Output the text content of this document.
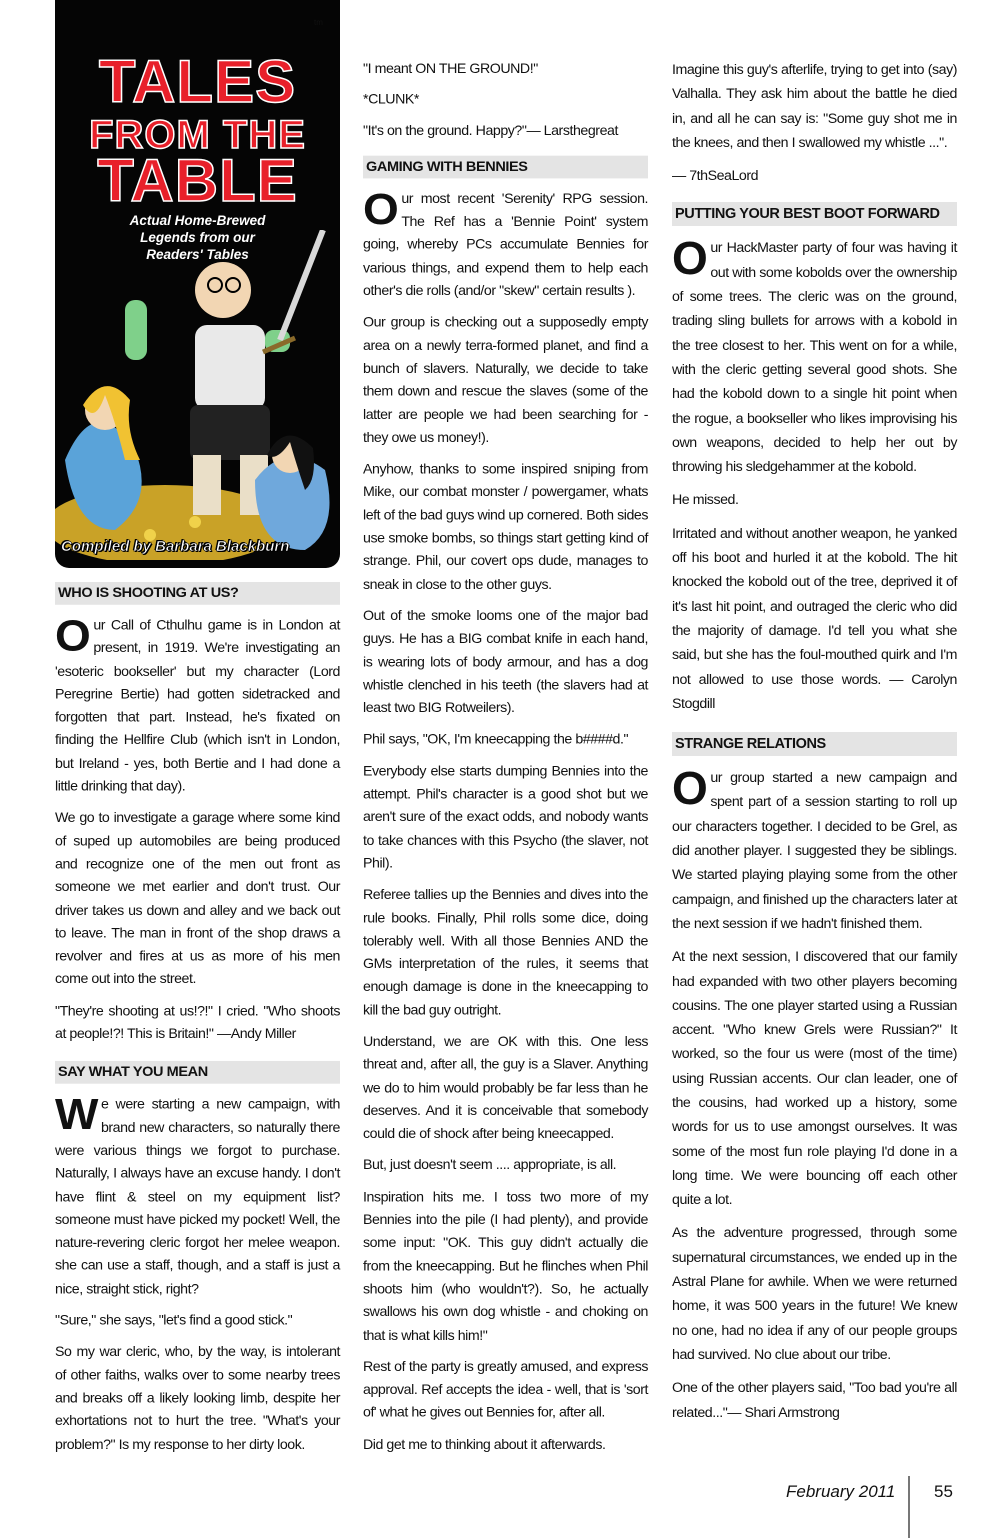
TALES
FROM THE
TABLE
Actual Home-Brewed
Legends from our
Readers' Tables
Compiled by Barbara Blackburn
tm
WHO IS SHOOTING AT US?

Our Call of Cthulhu game is in London at present, in 1919. We're investigating an 'esoteric bookseller' but my character (Lord Peregrine Bertie) had gotten sidetracked and forgotten that part. Instead, he's fixated on finding the Hellfire Club (which isn't in London, but Ireland - yes, both Bertie and I had done a little drinking that day).

We go to investigate a garage where some kind of suped up automobiles are being produced and recognize one of the men out front as someone we met earlier and don't trust. Our driver takes us down and alley and we back out to leave. The man in front of the shop draws a revolver and fires at us as more of his men come out into the street.

"They're shooting at us!?!" I cried. "Who shoots at people!?! This is Britain!" —Andy Miller

SAY WHAT YOU MEAN

We were starting a new campaign, with brand new characters, so naturally there were various things we forgot to purchase. Naturally, I always have an excuse handy. I don't have flint & steel on my equipment list? someone must have picked my pocket! Well, the nature-revering cleric forgot her melee weapon. she can use a staff, though, and a staff is just a nice, straight stick, right?

"Sure," she says, "let's find a good stick."

So my war cleric, who, by the way, is intolerant of other faiths, walks over to some nearby trees and breaks off a likely looking limb, despite her exhortations not to hurt the tree. "What's your problem?" Is my response to her dirty look.

"I meant ON THE GROUND!"

*CLUNK*

"It's on the ground. Happy?"— Larsthegreat

GAMING WITH BENNIES

Our most recent 'Serenity' RPG session. The Ref has a 'Bennie Point' system going, whereby PCs accumulate Bennies for various things, and expend them to help each other's die rolls (and/or "skew" certain results ).

Our group is checking out a supposedly empty area on a newly terra-formed planet, and find a bunch of slavers. Naturally, we decide to take them down and rescue the slaves (some of the latter are people we had been searching for - they owe us money!).

Anyhow, thanks to some inspired sniping from Mike, our combat monster / powergamer, whats left of the bad guys wind up cornered. Both sides use smoke bombs, so things start getting kind of strange. Phil, our covert ops dude, manages to sneak in close to the other guys.

Out of the smoke looms one of the major bad guys. He has a BIG combat knife in each hand, is wearing lots of body armour, and has a dog whistle clenched in his teeth (the slavers had at least two BIG Rotweilers).

Phil says, "OK, I'm kneecapping the b####d."

Everybody else starts dumping Bennies into the attempt. Phil's character is a good shot but we aren't sure of the exact odds, and nobody wants to take chances with this Psycho (the slaver, not Phil).

Referee tallies up the Bennies and dives into the rule books. Finally, Phil rolls some dice, doing tolerably well. With all those Bennies AND the GMs interpretation of the rules, it seems that enough damage is done in the kneecapping to kill the bad guy outright.

Understand, we are OK with this. One less threat and, after all, the guy is a Slaver. Anything we do to him would probably be far less than he deserves. And it is conceivable that somebody could die of shock after being kneecapped.

But, just doesn't seem .... appropriate, is all.

Inspiration hits me. I toss two more of my Bennies into the pile (I had plenty), and provide some input: "OK. This guy didn't actually die from the kneecapping. But he flinches when Phil shoots him (who wouldn't?). So, he actually swallows his own dog whistle - and choking on that is what kills him!"

Rest of the party is greatly amused, and express approval. Ref accepts the idea - well, that is 'sort of' what he gives out Bennies for, after all.

Did get me to thinking about it afterwards.

Imagine this guy's afterlife, trying to get into (say) Valhalla. They ask him about the battle he died in, and all he can say is: "Some guy shot me in the knees, and then I swallowed my whistle ...".

— 7thSeaLord

PUTTING YOUR BEST BOOT FORWARD

Our HackMaster party of four was having it out with some kobolds over the ownership of some trees. The cleric was on the ground, trading sling bullets for arrows with a kobold in the tree closest to her. This went on for a while, with the cleric getting several good shots. She had the kobold down to a single hit point when the rogue, a bookseller who likes improvising his own weapons, decided to help her out by throwing his sledgehammer at the kobold.

He missed.

Irritated and without another weapon, he yanked off his boot and hurled it at the kobold. The hit knocked the kobold out of the tree, deprived it of it's last hit point, and outraged the cleric who did the majority of damage. I'd tell you what she said, but she has the foul-mouthed quirk and I'm not allowed to use those words. — Carolyn Stogdill

STRANGE RELATIONS

Our group started a new campaign and spent part of a session starting to roll up our characters together. I decided to be Grel, as did another player. I suggested they be siblings. We started playing playing some from the other campaign, and finished up the characters later at the next session if we hadn't finished them.

At the next session, I discovered that our family had expanded with two other players becoming cousins. The one player started using a Russian accent. "Who knew Grels were Russian?" It worked, so the four us were (most of the time) using Russian accents. Our clan leader, one of the cousins, had worked up a history, some words for us to use amongst ourselves. It was some of the most fun role playing I'd done in a long time. We were bouncing off each other quite a lot.

As the adventure progressed, through some supernatural circumstances, we ended up in the Astral Plane for awhile. When we were returned home, it was 500 years in the future! We knew no one, had no idea if any of our people groups had survived. No clue about our tribe.

One of the other players said, "Too bad you're all related..."— Shari Armstrong

February 2011 55
